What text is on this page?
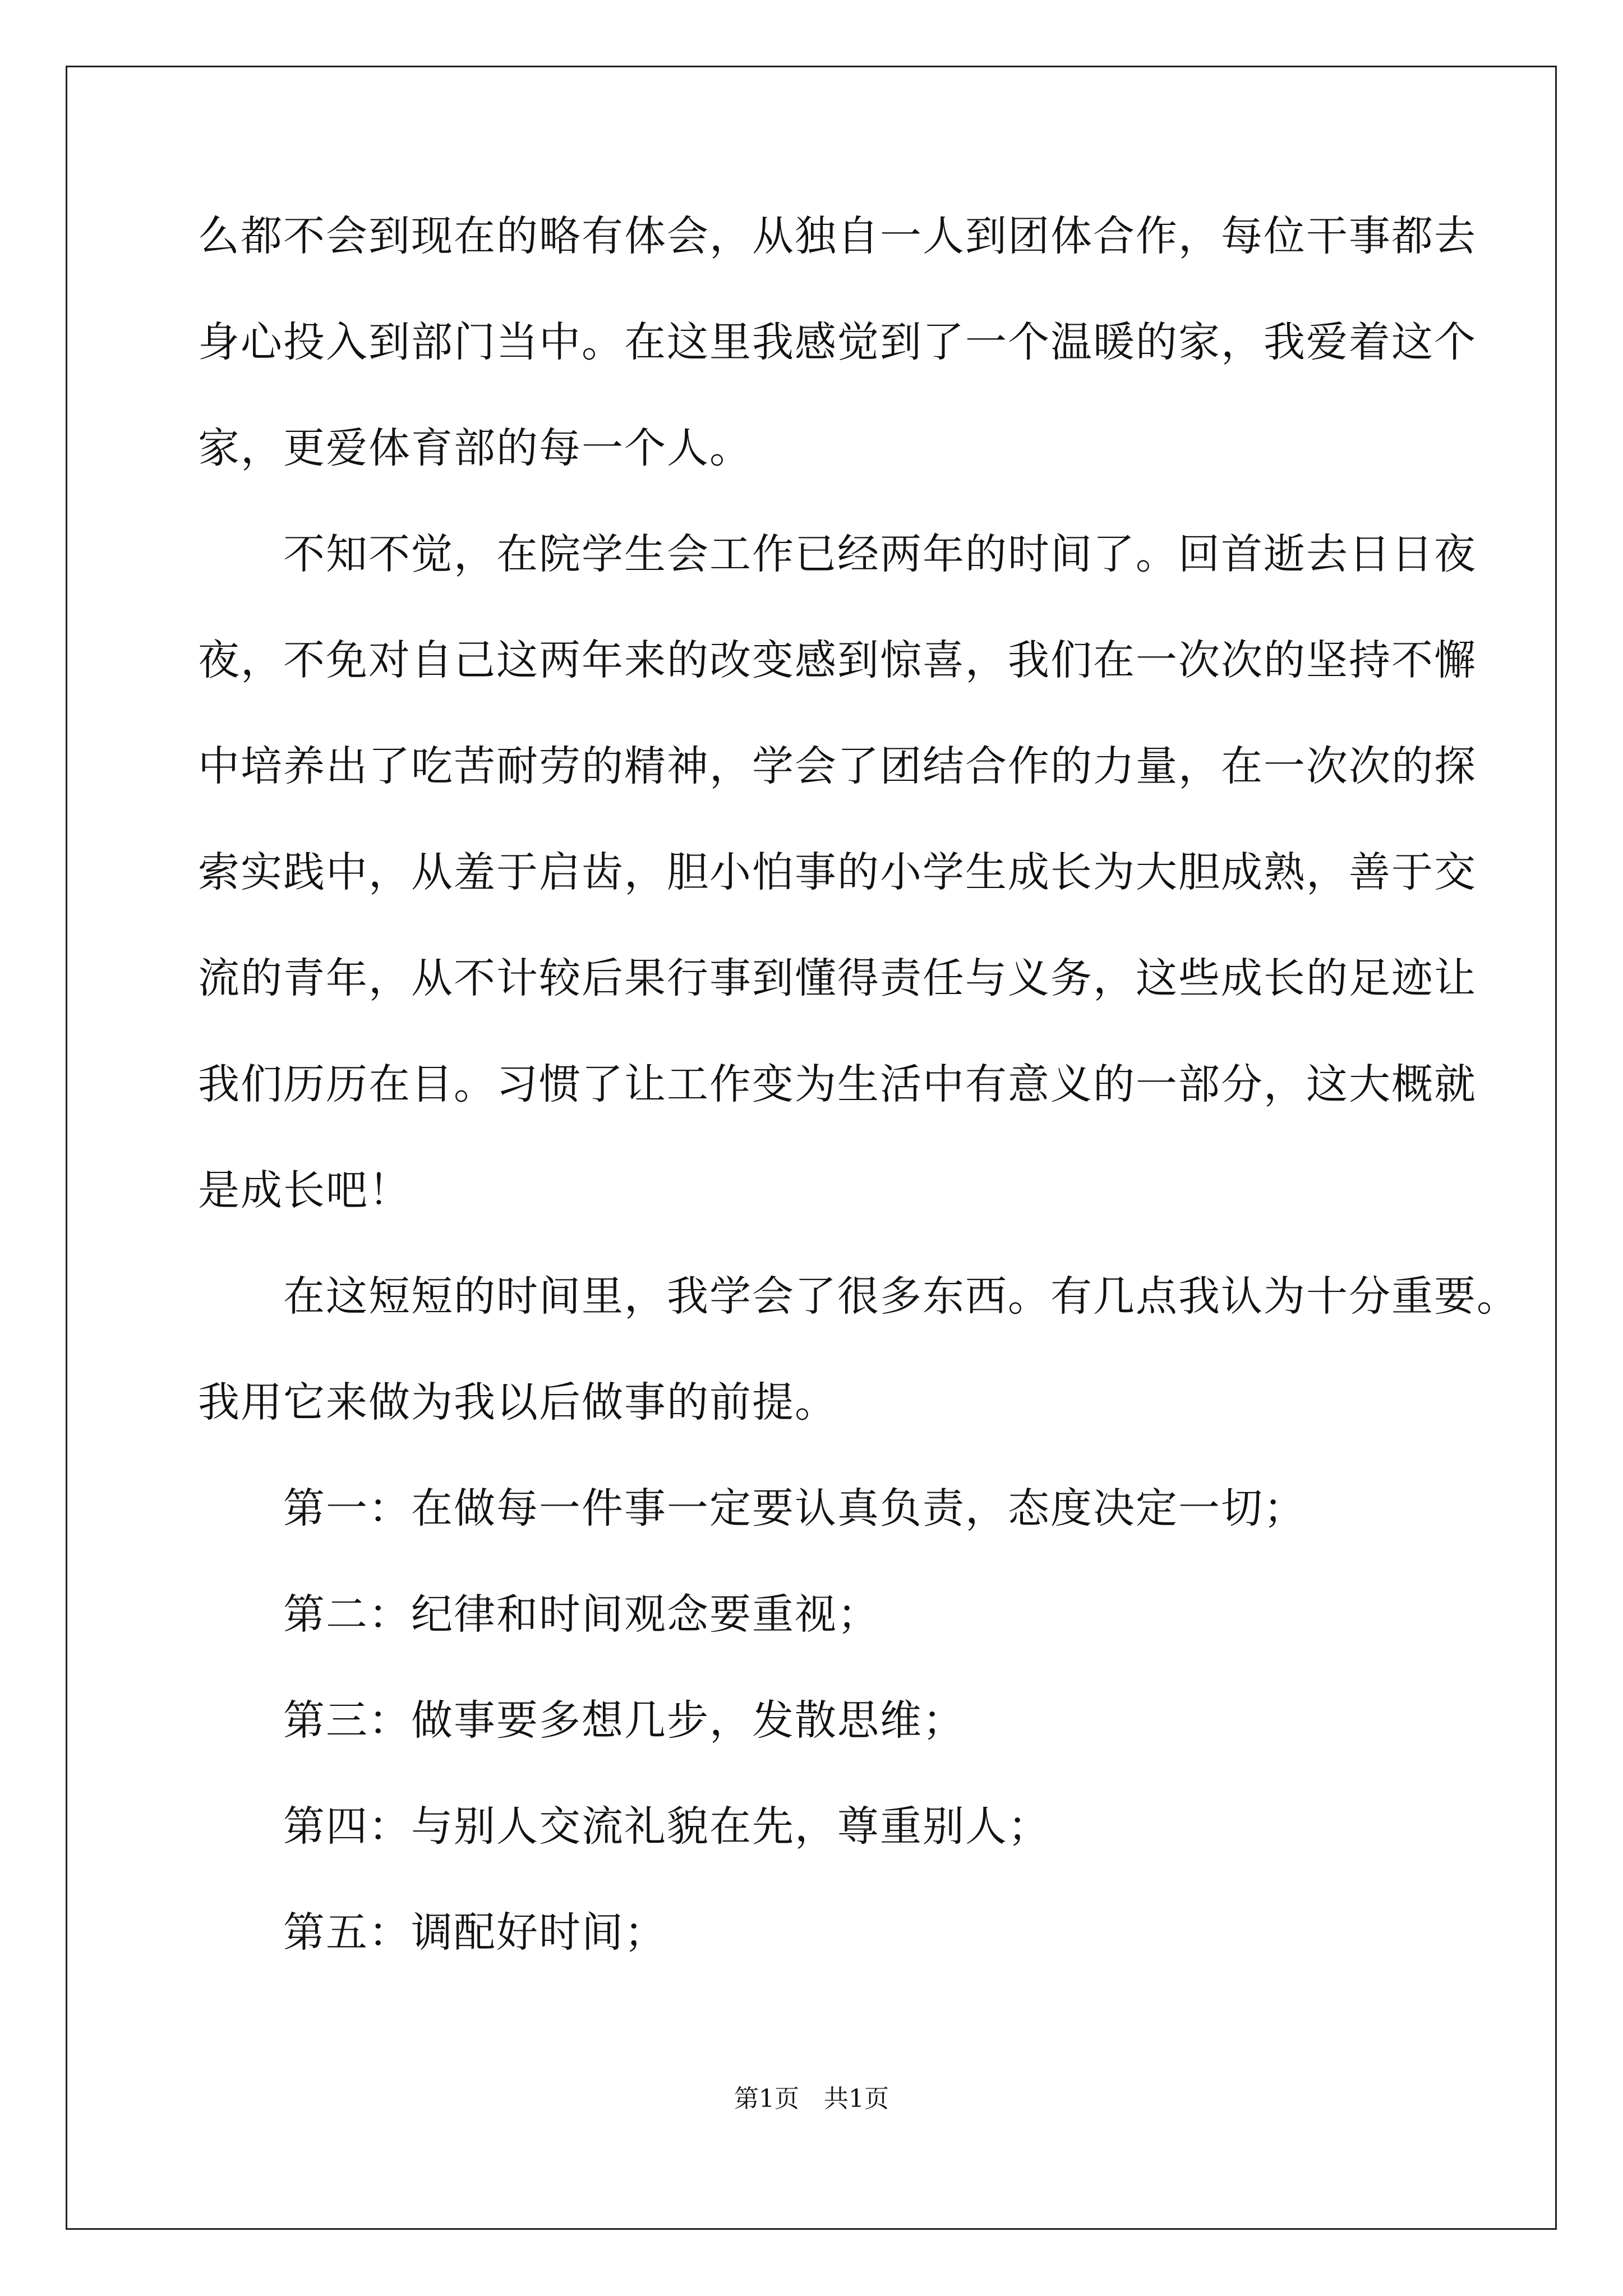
么都不会到现在的略有体会，从独自一人到团体合作，每位干事都去
身心投入到部门当中。在这里我感觉到了一个温暖的家，我爱着这个
家，更爱体育部的每一个人。
　　不知不觉，在院学生会工作已经两年的时间了。回首逝去日日夜
夜，不免对自己这两年来的改变感到惊喜，我们在一次次的坚持不懈
中培养出了吃苦耐劳的精神，学会了团结合作的力量，在一次次的探
索实践中，从羞于启齿，胆小怕事的小学生成长为大胆成熟，善于交
流的青年，从不计较后果行事到懂得责任与义务，这些成长的足迹让
我们历历在目。习惯了让工作变为生活中有意义的一部分，这大概就
是成长吧！
　　在这短短的时间里，我学会了很多东西。有几点我认为十分重要。
我用它来做为我以后做事的前提。
　　第一：在做每一件事一定要认真负责，态度决定一切；
　　第二：纪律和时间观念要重视；
　　第三：做事要多想几步，发散思维；
　　第四：与别人交流礼貌在先，尊重别人；
　　第五：调配好时间；
第1页　共1页
